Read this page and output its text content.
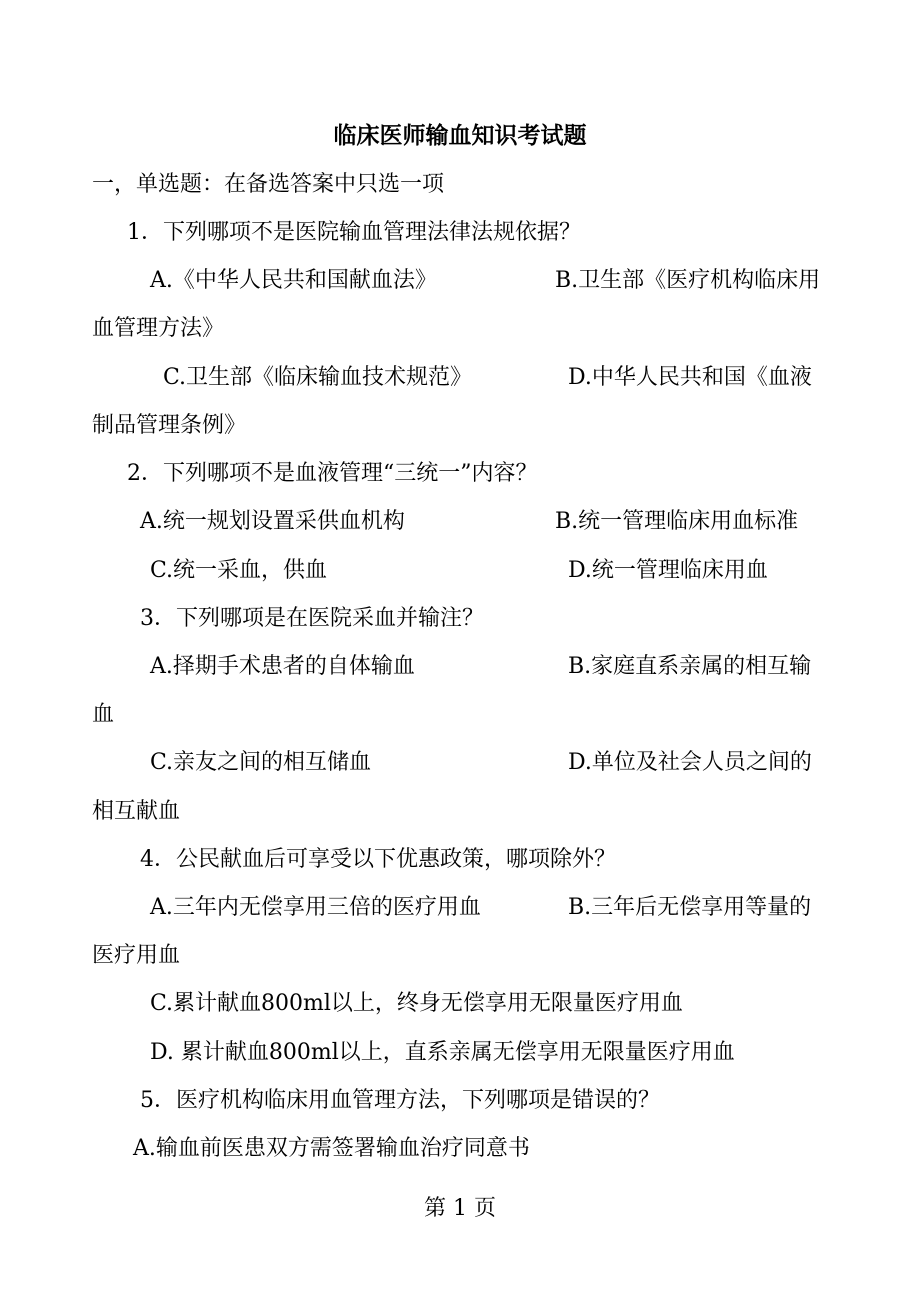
临床医师输血知识考试题
一，单选题：在备选答案中只选一项
1．下列哪项不是医院输血管理法律法规依据？
A.《中华人民共和国献血法》	B.卫生部《医疗机构临床用
血管理方法》
C.卫生部《临床输血技术规范》	D.中华人民共和国《血液
制品管理条例》
2．下列哪项不是血液管理“三统一”内容？
A.统一规划设置采供血机构	B.统一管理临床用血标准
C.统一采血，供血	D.统一管理临床用血
3．下列哪项是在医院采血并输注？
A.择期手术患者的自体输血	B.家庭直系亲属的相互输
血
C.亲友之间的相互储血	D.单位及社会人员之间的
相互献血
4．公民献血后可享受以下优惠政策，哪项除外？
A.三年内无偿享用三倍的医疗用血	B.三年后无偿享用等量的
医疗用血
C.累计献血800ml以上，终身无偿享用无限量医疗用血
D. 累计献血800ml以上，直系亲属无偿享用无限量医疗用血
5．医疗机构临床用血管理方法，下列哪项是错误的？
A.输血前医患双方需签署输血治疗同意书
第 1 页
